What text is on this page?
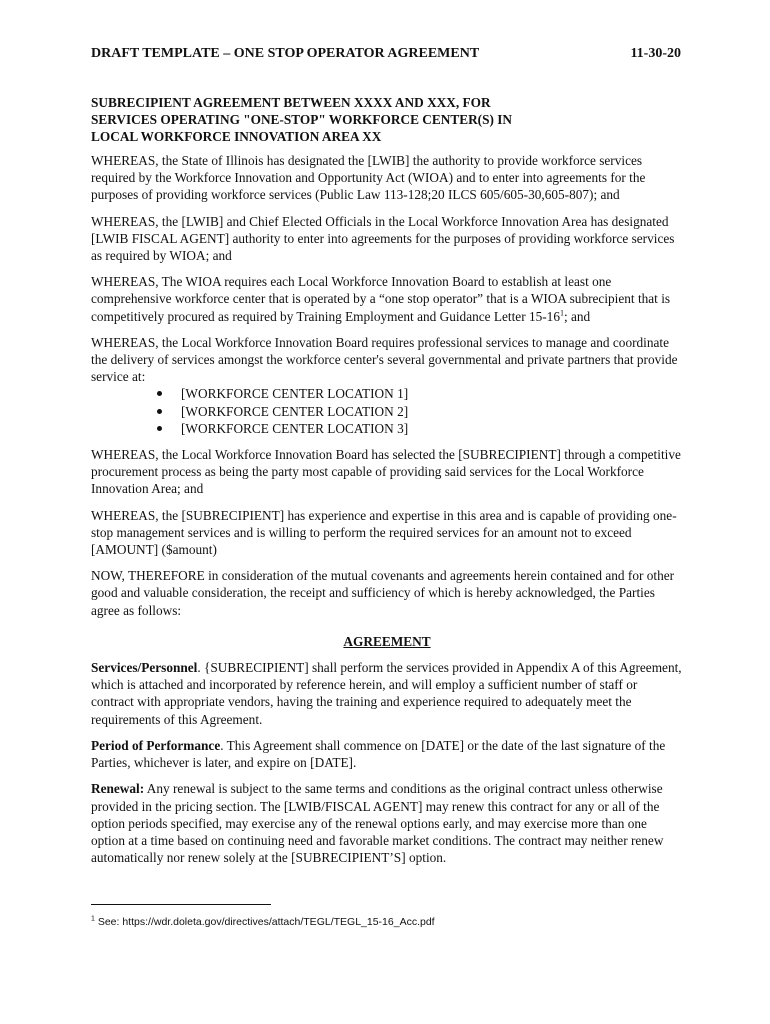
DRAFT TEMPLATE – ONE STOP OPERATOR AGREEMENT	11-30-20
SUBRECIPIENT AGREEMENT BETWEEN XXXX AND XXX, FOR
SERVICES OPERATING "ONE-STOP" WORKFORCE CENTER(S) IN
LOCAL WORKFORCE INNOVATION AREA XX

WHEREAS, the State of Illinois has designated the [LWIB] the authority to provide workforce services required by the Workforce Innovation and Opportunity Act (WIOA) and to enter into agreements for the purposes of providing workforce services (Public Law 113-128;20 ILCS 605/605-30,605-807); and

WHEREAS, the [LWIB] and Chief Elected Officials in the Local Workforce Innovation Area has designated [LWIB FISCAL AGENT] authority to enter into agreements for the purposes of providing workforce services as required by WIOA; and

WHEREAS, The WIOA requires each Local Workforce Innovation Board to establish at least one comprehensive workforce center that is operated by a “one stop operator” that is a WIOA subrecipient that is competitively procured as required by Training Employment and Guidance Letter $15-16^1$; and

WHEREAS, the Local Workforce Innovation Board requires professional services to manage and coordinate the delivery of services amongst the workforce center's several governmental and private partners that provide service at:

[WORKFORCE CENTER LOCATION 1]
[WORKFORCE CENTER LOCATION 2]
[WORKFORCE CENTER LOCATION 3]

WHEREAS, the Local Workforce Innovation Board has selected the [SUBRECIPIENT] through a competitive procurement process as being the party most capable of providing said services for the Local Workforce Innovation Area; and

WHEREAS, the [SUBRECIPIENT] has experience and expertise in this area and is capable of providing one-stop management services and is willing to perform the required services for an amount not to exceed [AMOUNT] ($amount)

NOW, THEREFORE in consideration of the mutual covenants and agreements herein contained and for other good and valuable consideration, the receipt and sufficiency of which is hereby acknowledged, the Parties agree as follows:

AGREEMENT

Services/Personnel. {SUBRECIPIENT] shall perform the services provided in Appendix A of this Agreement, which is attached and incorporated by reference herein, and will employ a sufficient number of staff or contract with appropriate vendors, having the training and experience required to adequately meet the requirements of this Agreement.

Period of Performance. This Agreement shall commence on [DATE] or the date of the last signature of the Parties, whichever is later, and expire on [DATE].

Renewal: Any renewal is subject to the same terms and conditions as the original contract unless otherwise provided in the pricing section. The [LWIB/FISCAL AGENT] may renew this contract for any or all of the option periods specified, may exercise any of the renewal options early, and may exercise more than one option at a time based on continuing need and favorable market conditions. The contract may neither renew automatically nor renew solely at the [SUBRECIPIENT’S] option.

$^1$ See: https://wdr.doleta.gov/directives/attach/TEGL/TEGL_15-16_Acc.pdf
